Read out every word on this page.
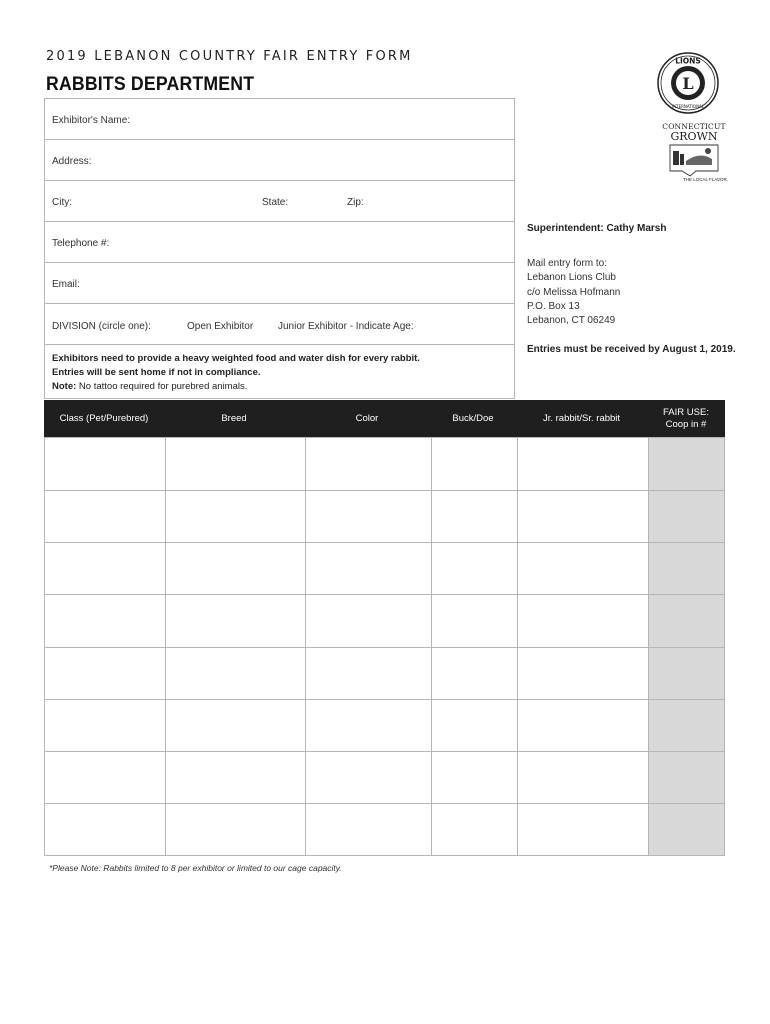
2019 LEBANON COUNTRY FAIR ENTRY FORM
RABBITS DEPARTMENT
Exhibitor's Name:
Address:
City:	State:	Zip:
Telephone #:
Email:
DIVISION (circle one):	Open Exhibitor Junior Exhibitor - Indicate Age:
Exhibitors need to provide a heavy weighted food and water dish for every rabbit.
Entries will be sent home if not in compliance.
Note: No tattoo required for purebred animals.
Superintendent: Cathy Marsh
Mail entry form to:
Lebanon Lions Club
c/o Melissa Hofmann
P.O. Box 13
Lebanon, CT 06249
Entries must be received by August 1, 2019.
L
LIONS
INTERNATIONAL
CONNECTICUT
GROWN
THE LOCAL FLAVOR.
Class (Pet/Purebred)	Breed	Color	Buck/Doe	Jr. rabbit/Sr. rabbit
FAIR USE:
Coop in #
*Please Note: Rabbits limited to 8 per exhibitor or limited to our cage capacity.
